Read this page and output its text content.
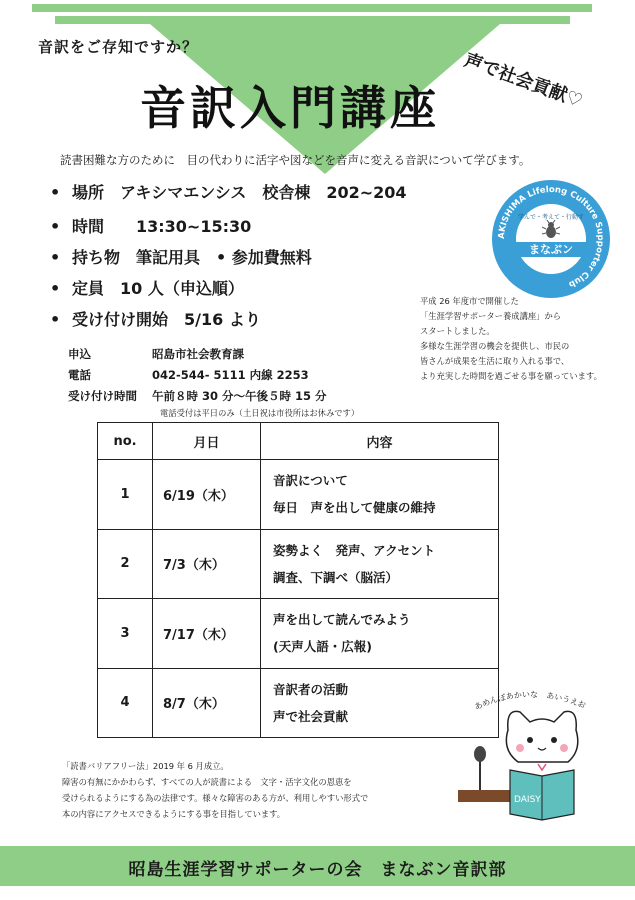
音訳をご存知ですか？
音訳入門講座 声で社会貢献♡
読書困難な方のために　目の代わりに活字や図などを音声に変える音訳について学びます。
• 場所　アキシマエンシス　校舎棟　202~204
• 時間　　13:30~15:30
• 持ち物　筆記用具　• 参加費無料
• 定員　10 人（申込順）
• 受け付け開始　5/16 より
AKISHIMA Lifelong Culture Supporter Club
学んで・考えて・行動す
まなぶン
平成 26 年度市で開催した
「生涯学習サポーター養成講座」から
スタートしました。
多様な生涯学習の機会を提供し、市民の
皆さんが成果を生活に取り入れる事で、
より充実した時間を過ごせる事を願っています。
申込	昭島市社会教育課
電話	042-544- 5111 内線 2253
受け付け時間 午前８時 30 分〜午後５時 15 分
電話受付は平日のみ（土日祝は市役所はお休みです）
no.	月日	内容
1	6/19（木）	音訳について
毎日　声を出して健康の維持

2	7/3（木）	姿勢よく　発声、アクセント
調査、下調べ（脳活）

3	7/17（木）	声を出して読んでみよう
(天声人語・広報)

4	8/7（木）	音訳者の活動
声で社会貢献
「読書バリアフリー法」2019 年 6 月成立。
障害の有無にかかわらず、すべての人が読書による　文字・活字文化の恩恵を
受けられるようにする為の法律です。様々な障害のある方が、利用しやすい形式で
本の内容にアクセスできるようにする事を目指しています。
あめんぼあかいな　あいうえお
DAISY
昭島生涯学習サポーターの会　まなぶン音訳部
